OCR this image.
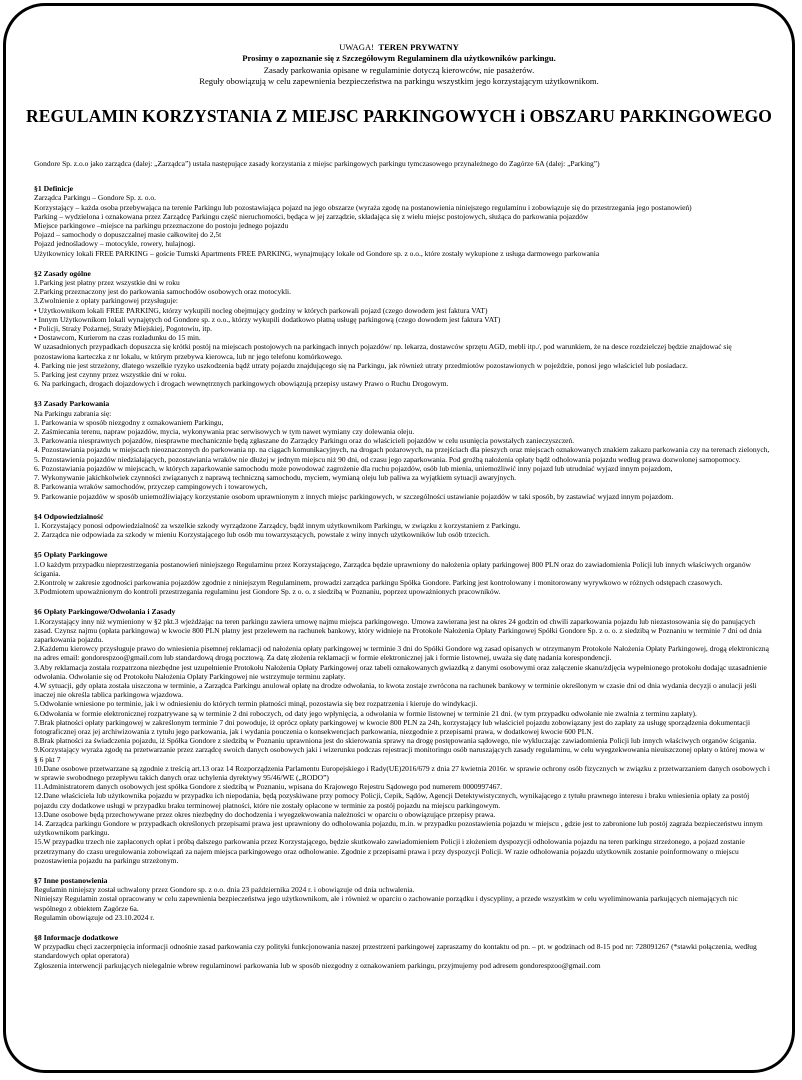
UWAGA! TEREN PRYWATNY
Prosimy o zapoznanie się z Szczegółowym Regulaminem dla użytkowników parkingu.
Zasady parkowania opisane w regulaminie dotyczą kierowców, nie pasażerów.
Reguły obowiązują w celu zapewnienia bezpieczeństwa na parkingu wszystkim jego korzystającym użytkownikom.
REGULAMIN KORZYSTANIA Z MIEJSC PARKINGOWYCH i OBSZARU PARKINGOWEGO

Gondore Sp. z.o.o jako zarządca (dalej: „Zarządca”) ustala następujące zasady korzystania z miejsc parkingowych parkingu tymczasowego przynależnego do Zagórze 6A (dalej: „Parking”)

§1 Definicje

Zarządca Parkingu – Gondore Sp. z. o.o.

Korzystający – każda osoba przebywająca na terenie Parkingu lub pozostawiająca pojazd na jego obszarze (wyraża zgodę na postanowienia niniejszego regulaminu i zobowiązuje się do przestrzegania jego postanowień)

Parking – wydzielona i oznakowana przez Zarządcę Parkingu część nieruchomości, będąca w jej zarządzie, składająca się z wielu miejsc postojowych, służąca do parkowania pojazdów

Miejsce parkingowe –miejsce na parkingu przeznaczone do postoju jednego pojazdu

Pojazd – samochody o dopuszczalnej masie całkowitej do 2,5t

Pojazd jednośladowy – motocykle, rowery, hulajnogi.

Użytkownicy lokali FREE PARKING – goście Tumski Apartments FREE PARKING, wynajmujący lokale od Gondore sp. z o.o., które zostały wykupione z usługa darmowego parkowania

§2 Zasady ogólne

1.Parking jest płatny przez wszystkie dni w roku

2.Parking przeznaczony jest do parkowania samochodów osobowych oraz motocykli.

3.Zwolnienie z opłaty parkingowej przysługuje:

• Użytkownikom lokali FREE PARKING, którzy wykupili nocleg obejmujący godziny w których parkowali pojazd (czego dowodem jest faktura VAT)

• Innym Użytkownikom lokali wynajętych od Gondore sp. z o.o., którzy wykupili dodatkowo płatną usługę parkingową (czego dowodem jest faktura VAT)

• Policji, Straży Pożarnej, Straży Miejskiej, Pogotowiu, itp.

• Dostawcom, Kurierom na czas rozładunku do 15 min.

W uzasadnionych przypadkach dopuszcza się krótki postój na miejscach postojowych na parkingach innych pojazdów/ np. lekarza, dostawców sprzętu AGD, mebli itp./, pod warunkiem, że na desce rozdzielczej będzie znajdować się pozostawiona karteczka z nr lokalu, w którym przebywa kierowca, lub nr jego telefonu komórkowego.

4. Parking nie jest strzeżony, dlatego wszelkie ryzyko uszkodzenia bądź utraty pojazdu znajdującego się na Parkingu, jak również utraty przedmiotów pozostawionych w pojeździe, ponosi jego właściciel lub posiadacz.

5. Parking jest czynny przez wszystkie dni w roku.

6. Na parkingach, drogach dojazdowych i drogach wewnętrznych parkingowych obowiązują przepisy ustawy Prawo o Ruchu Drogowym.

§3 Zasady Parkowania

Na Parkingu zabrania się:

1. Parkowania w sposób niezgodny z oznakowaniem Parkingu,

2. Zaśmiecania terenu, napraw pojazdów, mycia, wykonywania prac serwisowych w tym nawet wymiany czy dolewania oleju.

3. Parkowania niesprawnych pojazdów, niesprawne mechanicznie będą zgłaszane do Zarządcy Parkingu oraz do właścicieli pojazdów w celu usunięcia powstałych zanieczyszczeń.

4. Pozostawiania pojazdu w miejscach nieoznaczonych do parkowania np. na ciągach komunikacyjnych, na drogach pożarowych, na przejściach dla pieszych oraz miejscach oznakowanych znakiem zakazu parkowania czy na terenach zielonych,

5. Pozostawienia pojazdów niedziałających, pozostawiania wraków nie dłużej w jednym miejscu niż 90 dni, od czasu jego zaparkowania. Pod groźbą nałożenia opłaty bądź odholowania pojazdu według prawa dozwolonej samopomocy.

6. Pozostawiania pojazdów w miejscach, w których zaparkowanie samochodu może powodować zagrożenie dla ruchu pojazdów, osób lub mienia, uniemożliwić inny pojazd lub utrudniać wyjazd innym pojazdom,

7. Wykonywanie jakichkolwiek czynności związanych z naprawą techniczną samochodu, myciem, wymianą oleju lub paliwa za wyjątkiem sytuacji awaryjnych.

8. Parkowania wraków samochodów, przyczep campingowych i towarowych,

9. Parkowanie pojazdów w sposób uniemożliwiający korzystanie osobom uprawnionym z innych miejsc parkingowych, w szczególności ustawianie pojazdów w taki sposób, by zastawiać wyjazd innym pojazdom.

§4 Odpowiedzialność

1. Korzystający ponosi odpowiedzialność za wszelkie szkody wyrządzone Zarządcy, bądź innym użytkownikom Parkingu, w związku z korzystaniem z Parkingu.

2. Zarządca nie odpowiada za szkody w mieniu Korzystającego lub osób mu towarzyszących, powstałe z winy innych użytkowników lub osób trzecich.

§5 Opłaty Parkingowe

1.O każdym przypadku nieprzestrzegania postanowień niniejszego Regulaminu przez Korzystającego, Zarządca będzie uprawniony do nałożenia opłaty parkingowej 800 PLN oraz do zawiadomienia Policji lub innych właściwych organów ścigania.

2.Kontrolę w zakresie zgodności parkowania pojazdów zgodnie z niniejszym Regulaminem, prowadzi zarządca parkingu Spółka Gondore. Parking jest kontrolowany i monitorowany wyrywkowo w różnych odstępach czasowych.

3.Podmiotem upoważnionym do kontroli przestrzegania regulaminu jest Gondore Sp. z o. o. z siedzibą w Poznaniu, poprzez upoważnionych pracowników.

§6 Opłaty Parkingowe/Odwołania i Zasady

1.Korzystający inny niż wymieniony w §2 pkt.3 wjeżdżając na teren parkingu zawiera umowę najmu miejsca parkingowego. Umowa zawierana jest na okres 24 godzin od chwili zaparkowania pojazdu lub niezastosowania się do panujących zasad. Czynsz najmu (opłata parkingowa) w kwocie 800 PLN płatny jest przelewem na rachunek bankowy, który widnieje na Protokole Nałożenia Opłaty Parkingowej Spółki Gondore Sp. z o. o. z siedzibą w Poznaniu w terminie 7 dni od dnia zaparkowania pojazdu.

2.Każdemu kierowcy przysługuje prawo do wniesienia pisemnej reklamacji od nałożenia opłaty parkingowej w terminie 3 dni do Spółki Gondore wg zasad opisanych w otrzymanym Protokole Nałożenia Opłaty Parkingowej, drogą elektroniczną na adres email: gondorespzoo@gmail.com lub standardową drogą pocztową. Za datę złożenia reklamacji w formie elektronicznej jak i formie listownej, uważa się datę nadania korespondencji.

3.Aby reklamacja została rozpatrzona niezbędne jest uzupełnienie Protokołu Nałożenia Opłaty Parkingowej oraz tabeli oznakowanych gwiazdką z danymi osobowymi oraz załączenie skanu/zdjęcia wypełnionego protokołu dodając uzasadnienie odwołania. Odwołanie się od Protokołu Nałożenia Opłaty Parkingowej nie wstrzymuje terminu zapłaty.

4.W sytuacji, gdy opłata została uiszczona w terminie, a Zarządca Parkingu anulował opłatę na drodze odwołania, to kwota zostaje zwrócona na rachunek bankowy w terminie określonym w czasie dni od dnia wydania decyzji o anulacji jeśli inaczej nie określa tablica parkingowa wjazdowa.

5.Odwołanie wniesione po terminie, jak i w odniesieniu do których termin płatności minął, pozostawia się bez rozpatrzenia i kieruje do windykacji.

6.Odwołania w formie elektronicznej rozpatrywane są w terminie 2 dni roboczych, od daty jego wpłynięcia, a odwołania w formie listownej w terminie 21 dni. (w tym przypadku odwołanie nie zwalnia z terminu zapłaty).

7.Brak płatności opłaty parkingowej w zakreślonym terminie 7 dni powoduje, iż oprócz opłaty parkingowej w kwocie 800 PLN za 24h, korzystający lub właściciel pojazdu zobowiązany jest do zapłaty za usługę sporządzenia dokumentacji fotograficznej oraz jej archiwizowania z tytułu jego parkowania, jak i wydania pouczenia o konsekwencjach parkowania, niezgodnie z przepisami prawa, w dodatkowej kwocie 600 PLN.

8.Brak płatności za świadczenia pojazdu, iż Spółka Gondore z siedzibą w Poznaniu uprawniona jest do skierowania sprawy na drogę postępowania sądowego, nie wykluczając zawiadomienia Policji lub innych właściwych organów ścigania.

9.Korzystający wyraża zgodę na przetwarzanie przez zarządcę swoich danych osobowych jaki i wizerunku podczas rejestracji monitoringu osób naruszających zasady regulaminu, w celu wyegzekwowania nieuiszczonej opłaty o której mowa w § 6 pkt 7

10.Dane osobowe przetwarzane są zgodnie z treścią art.13 oraz 14 Rozporządzenia Parlamentu Europejskiego i Rady(UE)2016/679 z dnia 27 kwietnia 2016r. w sprawie ochrony osób fizycznych w związku z przetwarzaniem danych osobowych i w sprawie swobodnego przepływu takich danych oraz uchylenia dyrektywy 95/46/WE („RODO”)

11.Administratorem danych osobowych jest spółka Gondore z siedzibą w Poznaniu, wpisana do Krajowego Rejestru Sądowego pod numerem 0000997467.

12.Dane właściciela lub użytkownika pojazdu w przypadku ich niepodania, będą pozyskiwane przy pomocy Policji, Cepik, Sądów, Agencji Detektywistycznych, wynikającego z tytułu prawnego interesu i braku wniesienia opłaty za postój pojazdu czy dodatkowe usługi w przypadku braku terminowej płatności, które nie zostały opłacone w terminie za postój pojazdu na miejscu parkingowym.

13.Dane osobowe będą przechowywane przez okres niezbędny do dochodzenia i wyegzekwowania należności w oparciu o obowiązujące przepisy prawa.

14. Zarządca parkingu Gondore w przypadkach określonych przepisami prawa jest uprawniony do odholowania pojazdu, m.in. w przypadku pozostawienia pojazdu w miejscu , gdzie jest to zabronione lub postój zagraża bezpieczeństwu innym użytkownikom parkingu.

15.W przypadku trzech nie zapłaconych opłat i próbą dalszego parkowania przez Korzystającego, będzie skutkowało zawiadomieniem Policji i złożeniem dyspozycji odholowania pojazdu na teren parkingu strzeżonego, a pojazd zostanie przetrzymany do czasu uregulowania zobowiązań za najem miejsca parkingowego oraz odholowanie. Zgodnie z przepisami prawa i przy dyspozycji Policji. W razie odholowania pojazdu użytkownik zostanie poinformowany o miejscu pozostawienia pojazdu na parkingu strzeżonym.

§7 Inne postanowienia

Regulamin niniejszy został uchwalony przez Gondore sp. z o.o. dnia 23 października 2024 r. i obowiązuje od dnia uchwalenia.

Niniejszy Regulamin został opracowany w celu zapewnienia bezpieczeństwa jego użytkownikom, ale i również w oparciu o zachowanie porządku i dyscypliny, a przede wszystkim w celu wyeliminowania parkujących niemających nic wspólnego z obiektem Zagórze 6a.

Regulamin obowiązuje od 23.10.2024 r.

§8 Informacje dodatkowe

W przypadku chęci zaczerpnięcia informacji odnośnie zasad parkowania czy polityki funkcjonowania naszej przestrzeni parkingowej zapraszamy do kontaktu od pn. – pt. w godzinach od 8-15 pod nr: 728091267 (*stawki połączenia, według standardowych opłat operatora)

Zgłoszenia interwencji parkujących nielegalnie wbrew regulaminowi parkowania lub w sposób niezgodny z oznakowaniem parkingu, przyjmujemy pod adresem gondorespzoo@gmail.com
